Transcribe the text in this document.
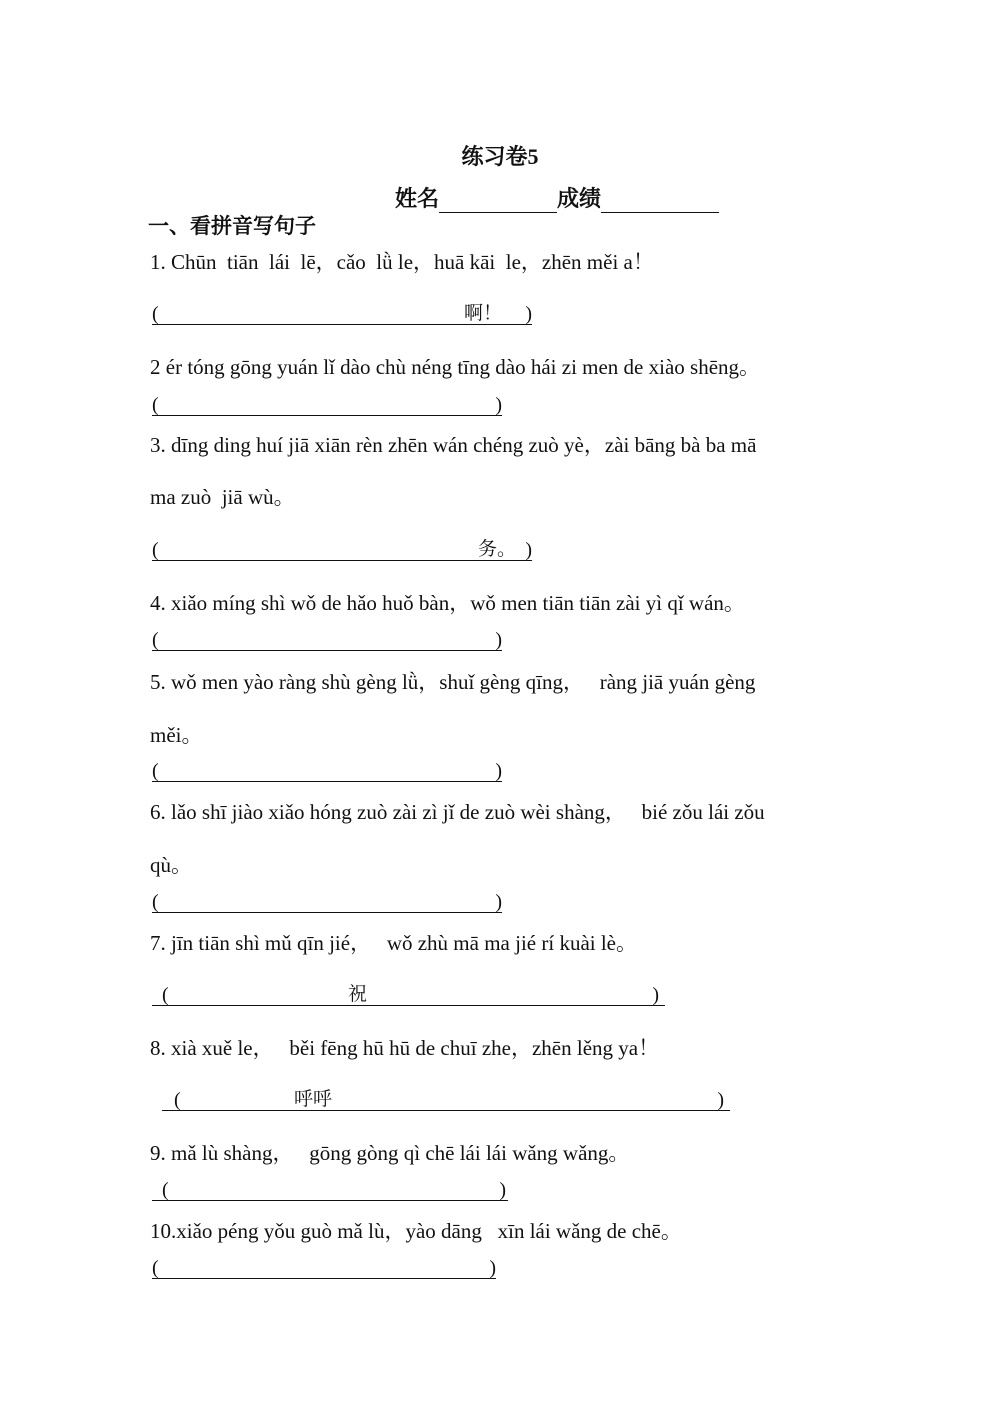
练习卷5
姓名	成绩
一、看拼音写句子
1. Chūn  tiān  lái  lē，cǎo  lǜ le，huā kāi  le，zhēn měi a！
(	啊！ )
2 ér tóng gōng yuán lǐ dào chù néng tīng dào hái zi men de xiào shēng。
(	)
3. dīng ding huí jiā xiān rèn zhēn wán chéng zuò yè，zài bāng bà ba mā
ma zuò  jiā wù。
(	务。 )
4. xiǎo míng shì wǒ de hǎo huǒ bàn，wǒ men tiān tiān zài yì qǐ wán。
(	)
5. wǒ men yào ràng shù gèng lǜ，shuǐ gèng qīng，   ràng jiā yuán gèng
měi。
(	)
6. lǎo shī jiào xiǎo hóng zuò zài zì jǐ de zuò wèi shàng，   bié zǒu lái zǒu
qù。
(	)
7. jīn tiān shì mǔ qīn jié，   wǒ zhù mā ma jié rí kuài lè。
(	祝	)
8. xià xuě le，   běi fēng hū hū de chuī zhe，zhēn lěng ya！
(	呼呼	)
9. mǎ lù shàng，   gōng gòng qì chē lái lái wǎng wǎng。
(	)
10.xiǎo péng yǒu guò mǎ lù，yào dāng   xīn lái wǎng de chē。
(	)
